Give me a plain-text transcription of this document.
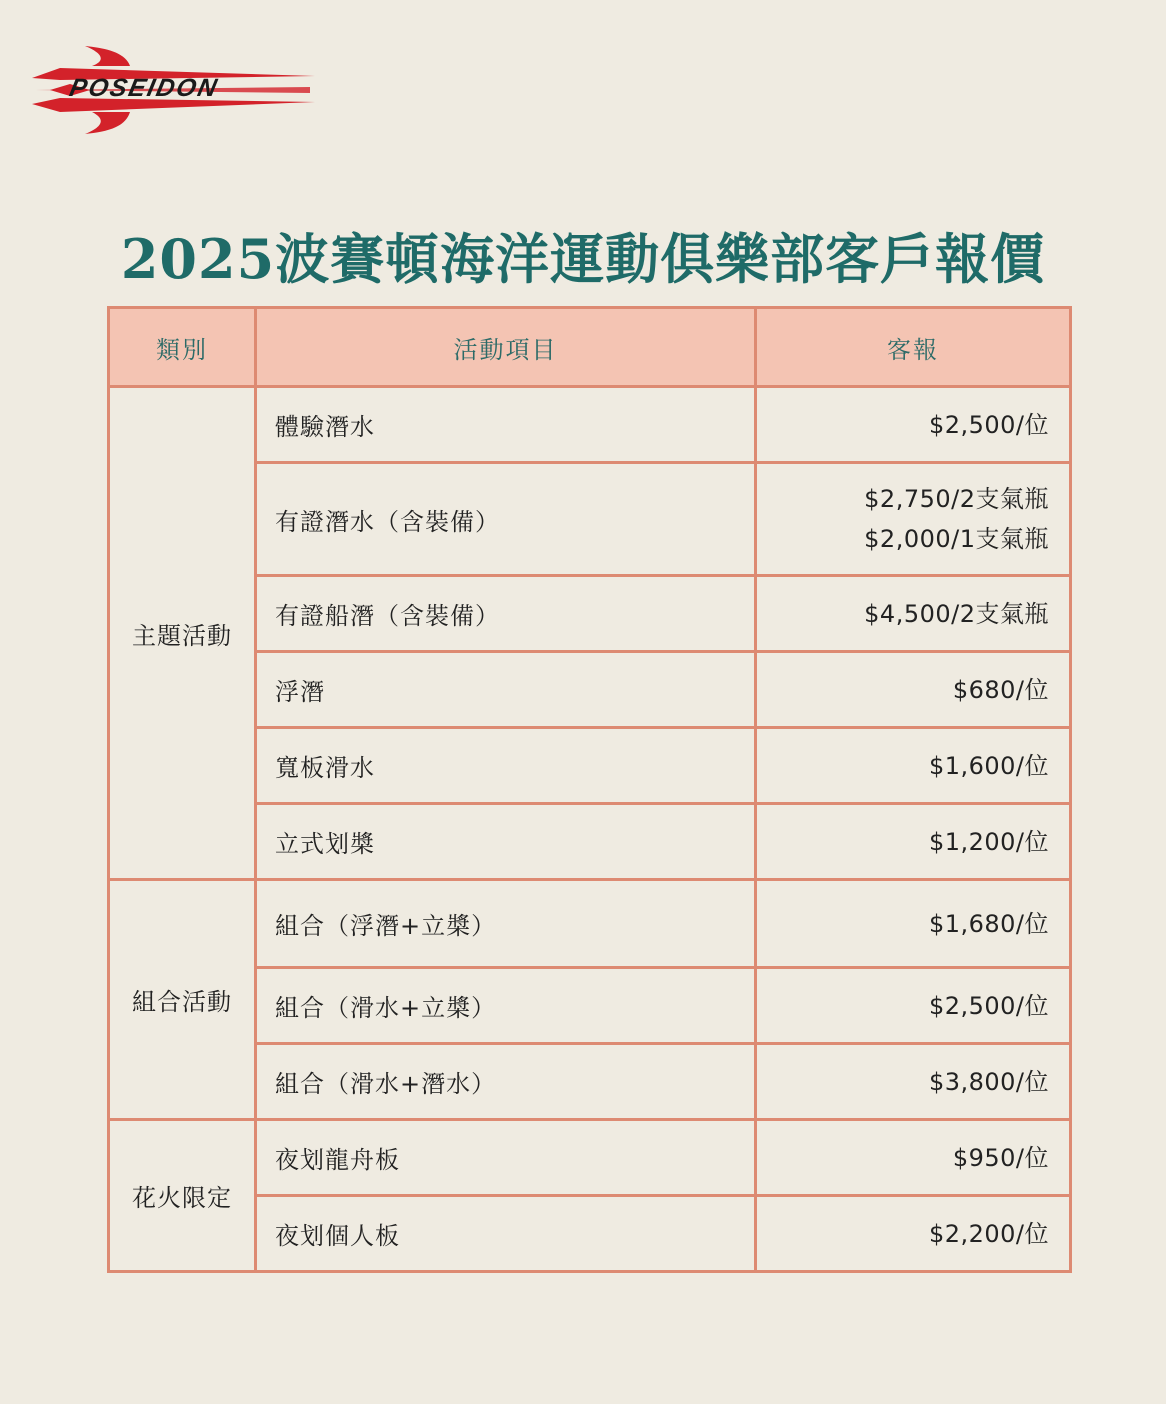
POSEIDON
2025波賽頓海洋運動俱樂部客戶報價
類別	活動項目	客報
主題活動	體驗潛水	$2,500/位

	有證潛水（含裝備）	$2,750/2支氣瓶
$2,000/1支氣瓶

	有證船潛（含裝備）	$4,500/2支氣瓶

	浮潛	$680/位

	寬板滑水	$1,600/位

	立式划槳	$1,200/位

組合活動	組合（浮潛+立槳）	$1,680/位

	組合（滑水+立槳）	$2,500/位

	組合（滑水+潛水）	$3,800/位

花火限定	夜划龍舟板	$950/位

	夜划個人板	$2,200/位
